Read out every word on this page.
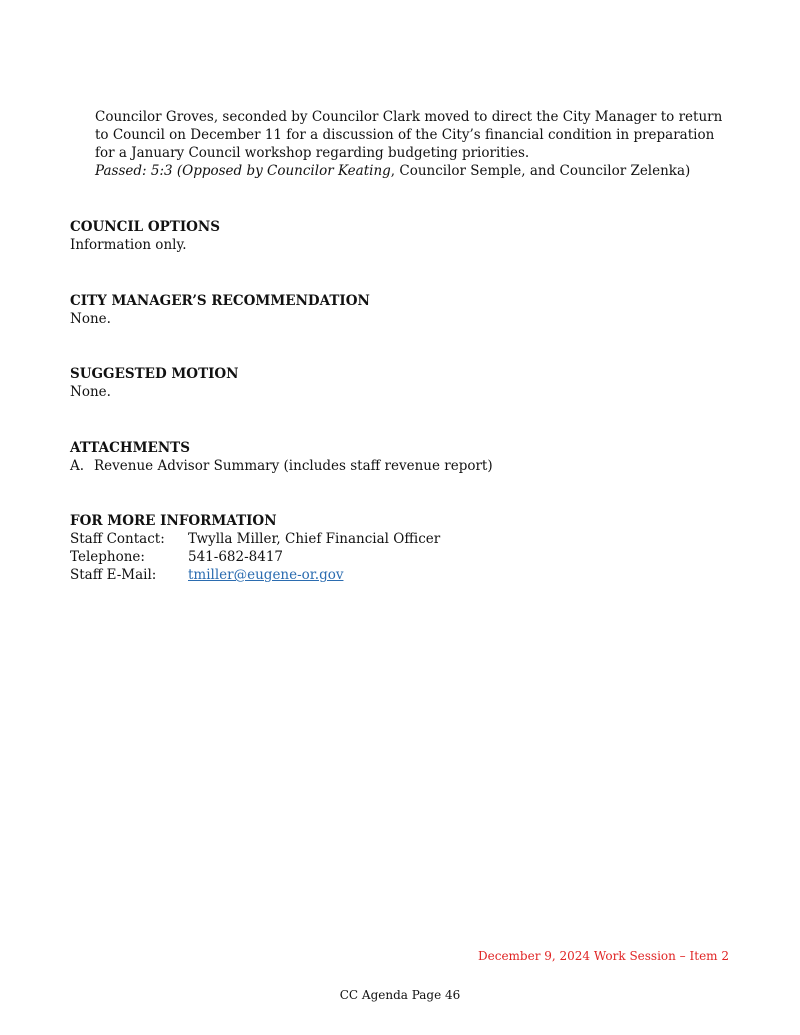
Councilor Groves, seconded by Councilor Clark moved to direct the City Manager to return to Council on December 11 for a discussion of the City’s financial condition in preparation for a January Council workshop regarding budgeting priorities.

Passed: 5:3 (Opposed by Councilor Keating, Councilor Semple, and Councilor Zelenka)

COUNCIL OPTIONS

Information only.

CITY MANAGER’S RECOMMENDATION

None.

SUGGESTED MOTION

None.

ATTACHMENTS

A. Revenue Advisor Summary (includes staff revenue report)

FOR MORE INFORMATION

Staff Contact:	Twylla Miller, Chief Financial Officer
Telephone:	541-682-8417
Staff E-Mail:	tmiller@eugene-or.gov
December 9, 2024 Work Session – Item 2
CC Agenda Page 46
